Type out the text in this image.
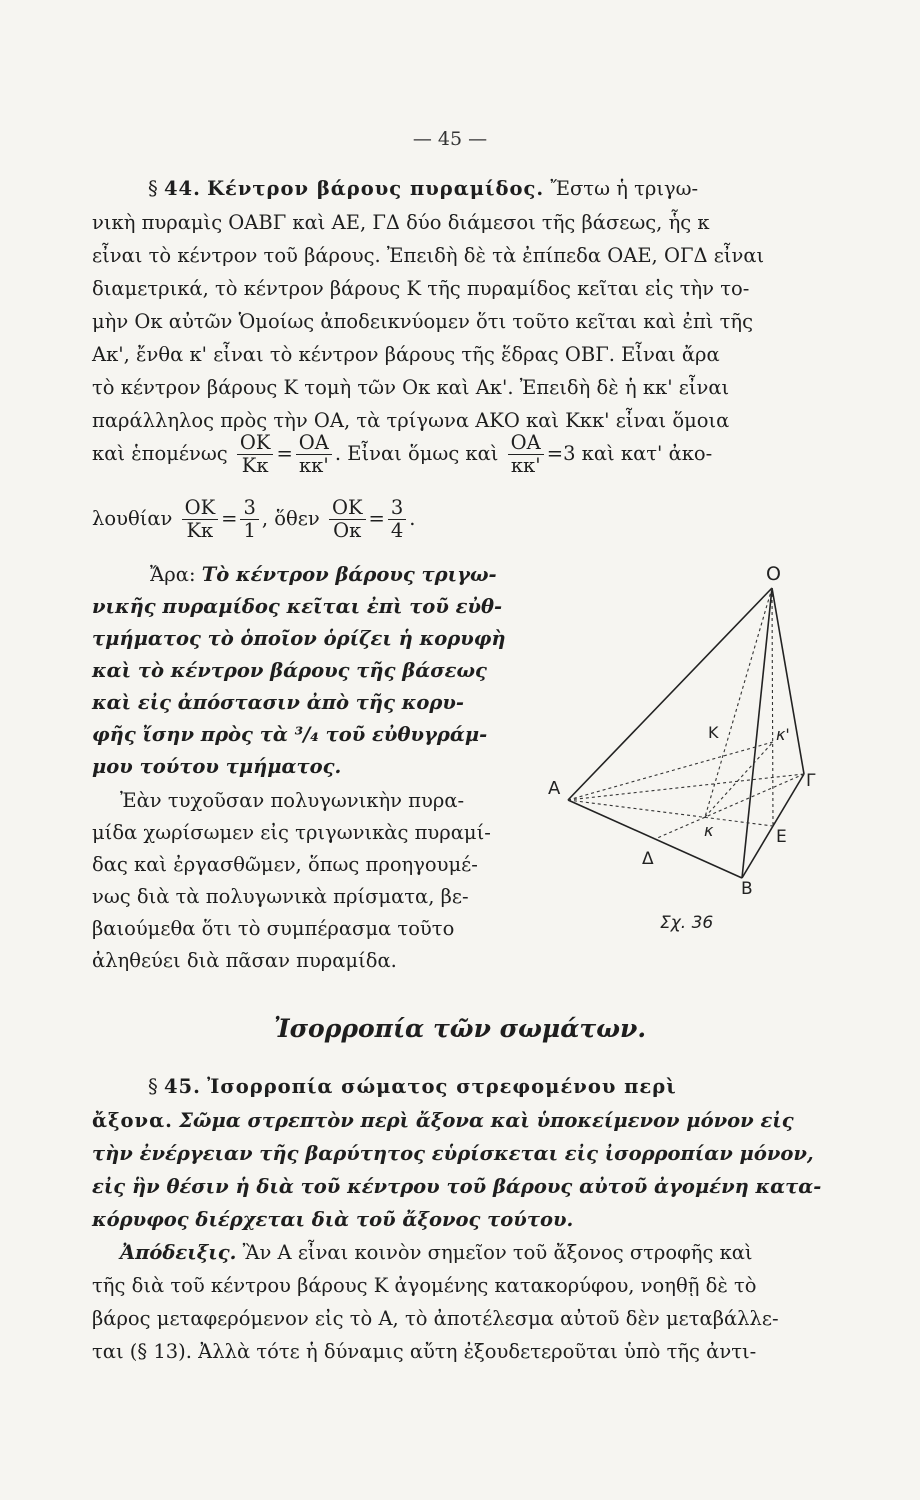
— 45 —
§ 44. Κέντρον βάρους πυραμίδος. Ἔστω ἡ τριγω-
νικὴ πυραμὶς ΟΑΒΓ καὶ ΑΕ, ΓΔ δύο διάμεσοι τῆς βάσεως, ἧς κ
εἶναι τὸ κέντρον τοῦ βάρους. Ἐπειδὴ δὲ τὰ ἐπίπεδα ΟΑΕ, ΟΓΔ εἶναι
διαμετρικά, τὸ κέντρον βάρους Κ τῆς πυραμίδος κεῖται εἰς τὴν το-
μὴν Οκ αὐτῶν Ὁμοίως ἀποδεικνύομεν ὅτι τοῦτο κεῖται καὶ ἐπὶ τῆς
Ακ', ἔνθα κ' εἶναι τὸ κέντρον βάρους τῆς ἕδρας ΟΒΓ. Εἶναι ἄρα
τὸ κέντρον βάρους Κ τομὴ τῶν Οκ καὶ Ακ'. Ἐπειδὴ δὲ ἡ κκ' εἶναι
παράλληλος πρὸς τὴν ΟΑ, τὰ τρίγωνα ΑΚΟ καὶ Κκκ' εἶναι ὅμοια
καὶ ἑπομένως $\frac{OK}{K\kappa} = \frac{OA}{\kappa\kappa'}$ . Εἶναι ὅμως καὶ $\frac{OA}{\kappa\kappa'} =3$ καὶ κατ' ἀκο-
λουθίαν $\frac{OK}{K\kappa} = \frac{3}{1}$ , ὅθεν $\frac{OK}{O\kappa} = \frac{3}{4}$ .
Ἄρα: Τὸ κέντρον βάρους τριγω-
νικῆς πυραμίδος κεῖται ἐπὶ τοῦ εὐθ-
τμήματος τὸ ὁποῖον ὁρίζει ἡ κορυφὴ
καὶ τὸ κέντρον βάρους τῆς βάσεως
καὶ εἰς ἀπόστασιν ἀπὸ τῆς κορυ-
φῆς ἴσην πρὸς τὰ ³/₄ τοῦ εὐθυγράμ-
μου τούτου τμήματος.
Ἐὰν τυχοῦσαν πολυγωνικὴν πυρα-
μίδα χωρίσωμεν εἰς τριγωνικὰς πυραμί-
δας καὶ ἐργασθῶμεν, ὅπως προηγουμέ-
νως διὰ τὰ πολυγωνικὰ πρίσματα, βε-
βαιούμεθα ὅτι τὸ συμπέρασμα τοῦτο
ἀληθεύει διὰ πᾶσαν πυραμίδα.
O
K	κ'
A	Γ
κ	E
Δ
B
Σχ. 36
Ἰσορροπία τῶν σωμάτων.
§ 45. Ἰσορροπία σώματος στρεφομένου περὶ
ἄξονα. Σῶμα στρεπτὸν περὶ ἄξονα καὶ ὑποκείμενον μόνον εἰς
τὴν ἐνέργειαν τῆς βαρύτητος εὑρίσκεται εἰς ἰσορροπίαν μόνον,
εἰς ἣν θέσιν ἡ διὰ τοῦ κέντρου τοῦ βάρους αὐτοῦ ἀγομένη κατα-
κόρυφος διέρχεται διὰ τοῦ ἄξονος τούτου.
Ἀπόδειξις. Ἂν Α εἶναι κοινὸν σημεῖον τοῦ ἄξονος στροφῆς καὶ
τῆς διὰ τοῦ κέντρου βάρους Κ ἀγομένης κατακορύφου, νοηθῇ δὲ τὸ
βάρος μεταφερόμενον εἰς τὸ Α, τὸ ἀποτέλεσμα αὐτοῦ δὲν μεταβάλλε-
ται (§ 13). Ἀλλὰ τότε ἡ δύναμις αὔτη ἐξουδετεροῦται ὑπὸ τῆς ἀντι-
